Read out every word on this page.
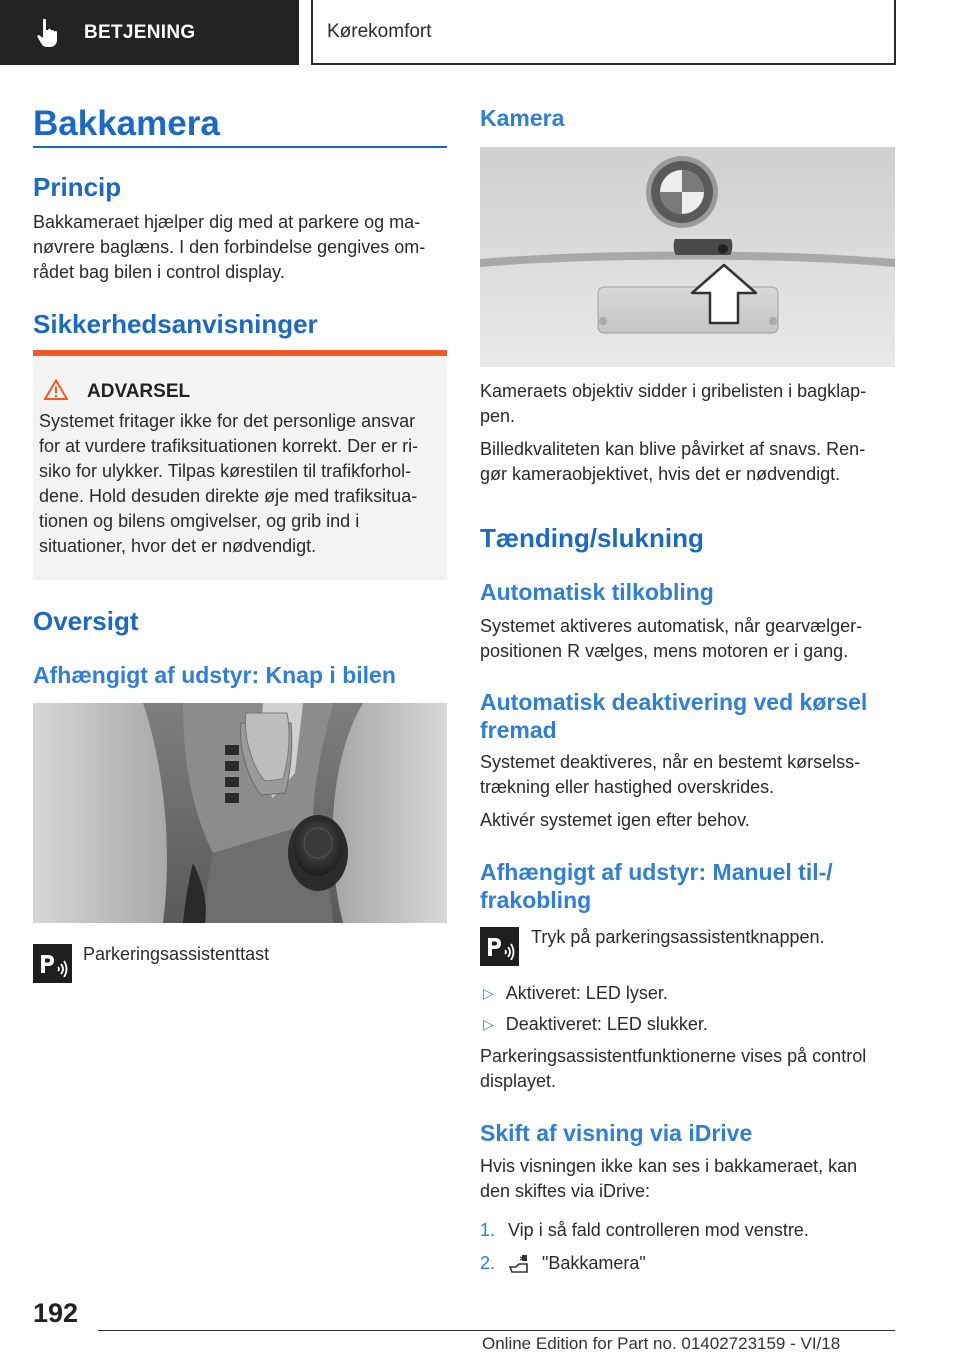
BETJENING	Kørekomfort
Bakkamera
Princip
Bakkameraet hjælper dig med at parkere og ma‐
nøvrere baglæns. I den forbindelse gengives om‐
rådet bag bilen i control display.
Sikkerhedsanvisninger
ADVARSEL
Systemet fritager ikke for det personlige ansvar
for at vurdere trafiksituationen korrekt. Der er ri‐
siko for ulykker. Tilpas kørestilen til trafikforhol‐
dene. Hold desuden direkte øje med trafiksitua‐
tionen og bilens omgivelser, og grib ind i
situationer, hvor det er nødvendigt.
Oversigt
Afhængigt af udstyr: Knap i bilen
Parkeringsassistenttast
Kamera
Kameraets objektiv sidder i gribelisten i bagklap‐
pen.
Billedkvaliteten kan blive påvirket af snavs. Ren‐
gør kameraobjektivet, hvis det er nødvendigt.
Tænding/slukning
Automatisk tilkobling
Systemet aktiveres automatisk, når gearvælger‐
positionen R vælges, mens motoren er i gang.
Automatisk deaktivering ved kørsel
fremad
Systemet deaktiveres, når en bestemt kørselss‐
trækning eller hastighed overskrides.
Aktivér systemet igen efter behov.
Afhængigt af udstyr: Manuel til-/
frakobling
Tryk på parkeringsassistentknappen.
▷ Aktiveret: LED lyser.
▷ Deaktiveret: LED slukker.
Parkeringsassistentfunktionerne vises på control
displayet.
Skift af visning via iDrive
Hvis visningen ikke kan ses i bakkameraet, kan
den skiftes via iDrive:
1. Vip i så fald controlleren mod venstre.
2.	"Bakkamera"
192
Online Edition for Part no. 01402723159 - VI/18
